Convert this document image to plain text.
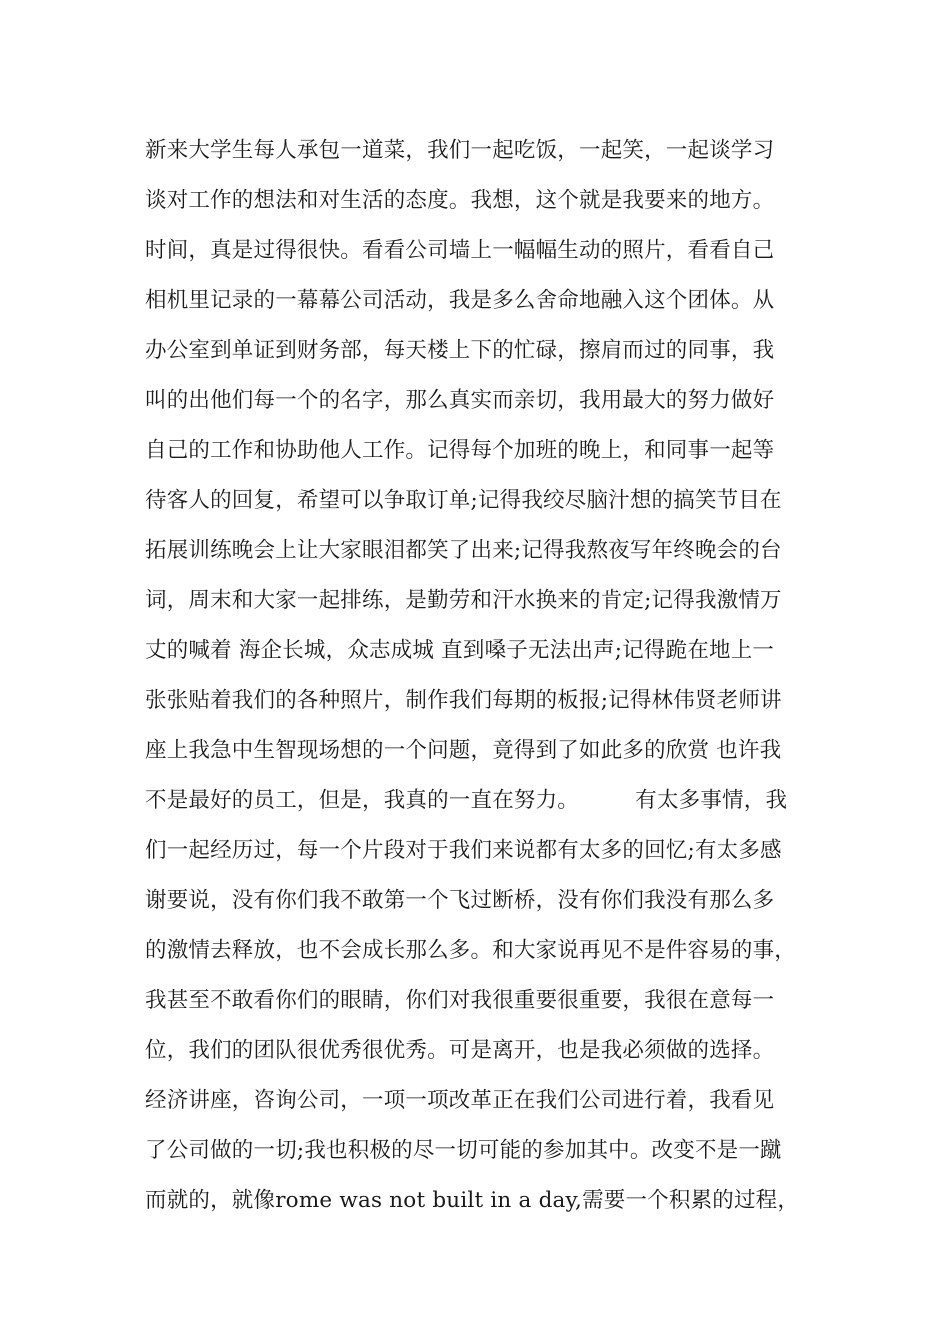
新来大学生每人承包一道菜，我们一起吃饭，一起笑，一起谈学习
谈对工作的想法和对生活的态度。我想，这个就是我要来的地方。
时间，真是过得很快。看看公司墙上一幅幅生动的照片，看看自己
相机里记录的一幕幕公司活动，我是多么舍命地融入这个团体。从
办公室到单证到财务部，每天楼上下的忙碌，擦肩而过的同事，我
叫的出他们每一个的名字，那么真实而亲切，我用最大的努力做好
自己的工作和协助他人工作。记得每个加班的晚上，和同事一起等
待客人的回复，希望可以争取订单;记得我绞尽脑汁想的搞笑节目在
拓展训练晚会上让大家眼泪都笑了出来;记得我熬夜写年终晚会的台
词，周末和大家一起排练，是勤劳和汗水换来的肯定;记得我激情万
丈的喊着 海企长城，众志成城 直到嗓子无法出声;记得跪在地上一
张张贴着我们的各种照片，制作我们每期的板报;记得林伟贤老师讲
座上我急中生智现场想的一个问题，竟得到了如此多的欣赏 也许我
不是最好的员工，但是，我真的一直在努力。        有太多事情，我
们一起经历过，每一个片段对于我们来说都有太多的回忆;有太多感
谢要说，没有你们我不敢第一个飞过断桥，没有你们我没有那么多
的激情去释放，也不会成长那么多。和大家说再见不是件容易的事，
我甚至不敢看你们的眼睛，你们对我很重要很重要，我很在意每一
位，我们的团队很优秀很优秀。可是离开，也是我必须做的选择。
经济讲座，咨询公司，一项一项改革正在我们公司进行着，我看见
了公司做的一切;我也积极的尽一切可能的参加其中。改变不是一蹴
而就的，就像rome was not built in a day,需要一个积累的过程，
